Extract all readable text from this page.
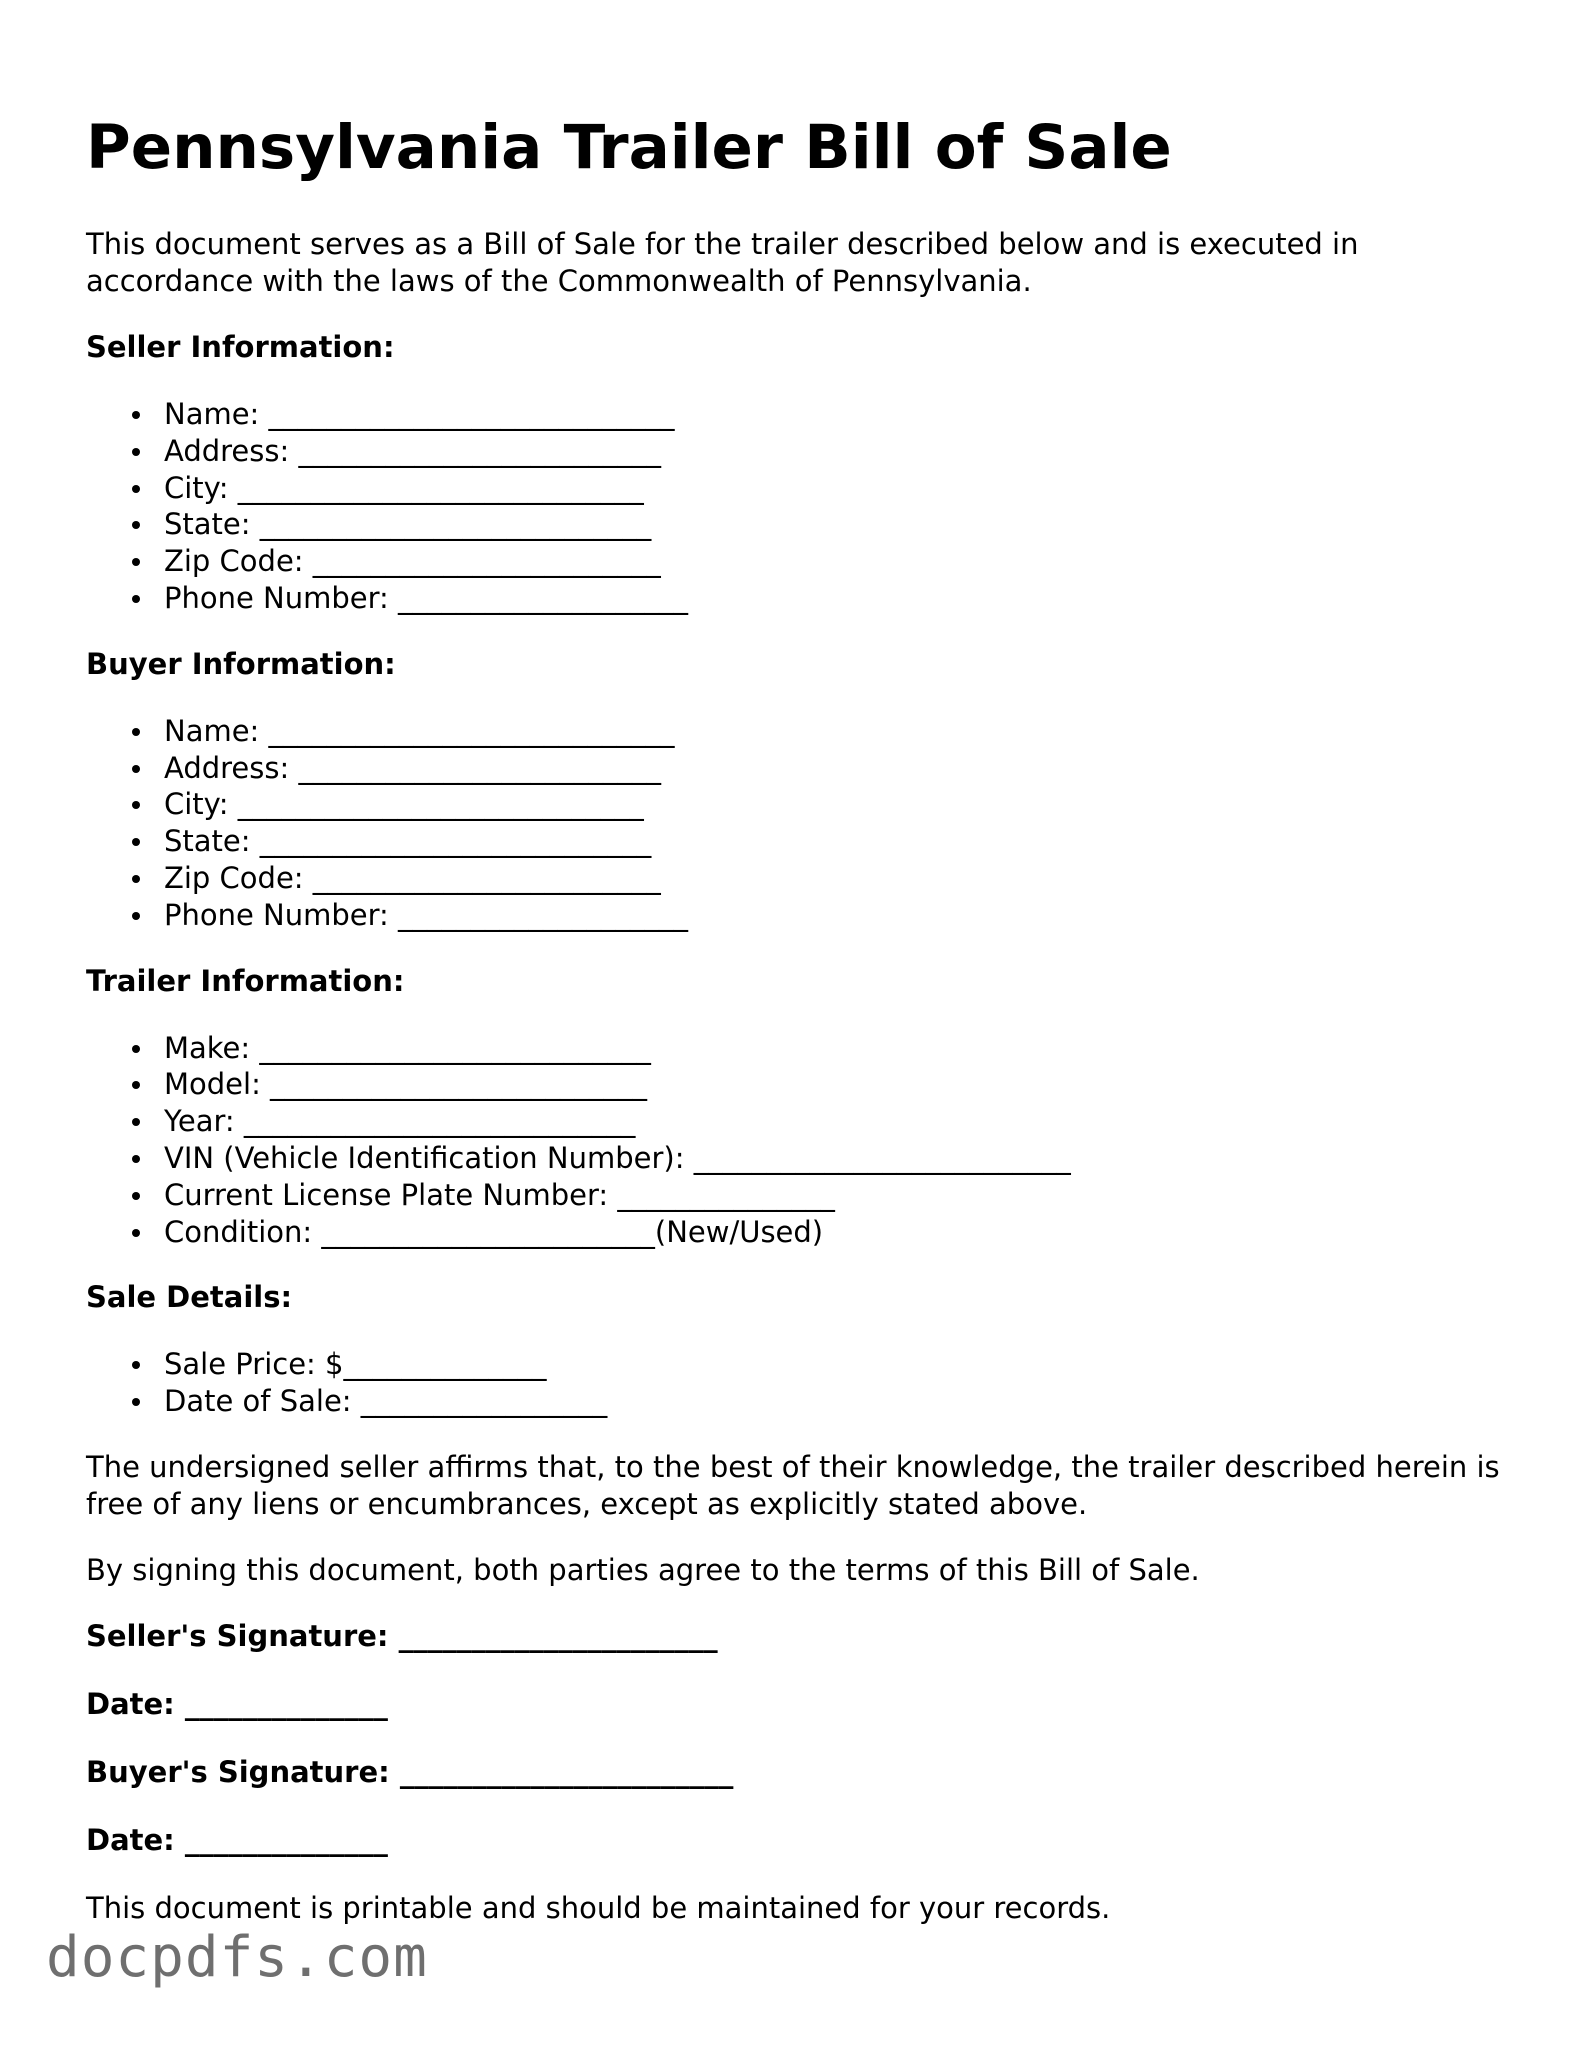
Pennsylvania Trailer Bill of Sale

This document serves as a Bill of Sale for the trailer described below and is executed in accordance with the laws of the Commonwealth of Pennsylvania.

Seller Information:
Name: ____________________________
Address: _________________________
City: ____________________________
State: ___________________________
Zip Code: ________________________
Phone Number: ____________________
Buyer Information:
Name: ____________________________
Address: _________________________
City: ____________________________
State: ___________________________
Zip Code: ________________________
Phone Number: ____________________
Trailer Information:
Make: ___________________________
Model: __________________________
Year: ___________________________
VIN (Vehicle Identification Number): __________________________
Current License Plate Number: _______________
Condition: _______________________(New/Used)
Sale Details:
Sale Price: $______________
Date of Sale: _________________

The undersigned seller affirms that, to the best of their knowledge, the trailer described herein is free of any liens or encumbrances, except as explicitly stated above.

By signing this document, both parties agree to the terms of this Bill of Sale.

Seller's Signature: ______________________
Date: ______________
Buyer's Signature: _______________________
Date: ______________

This document is printable and should be maintained for your records.

docpdfs.com
